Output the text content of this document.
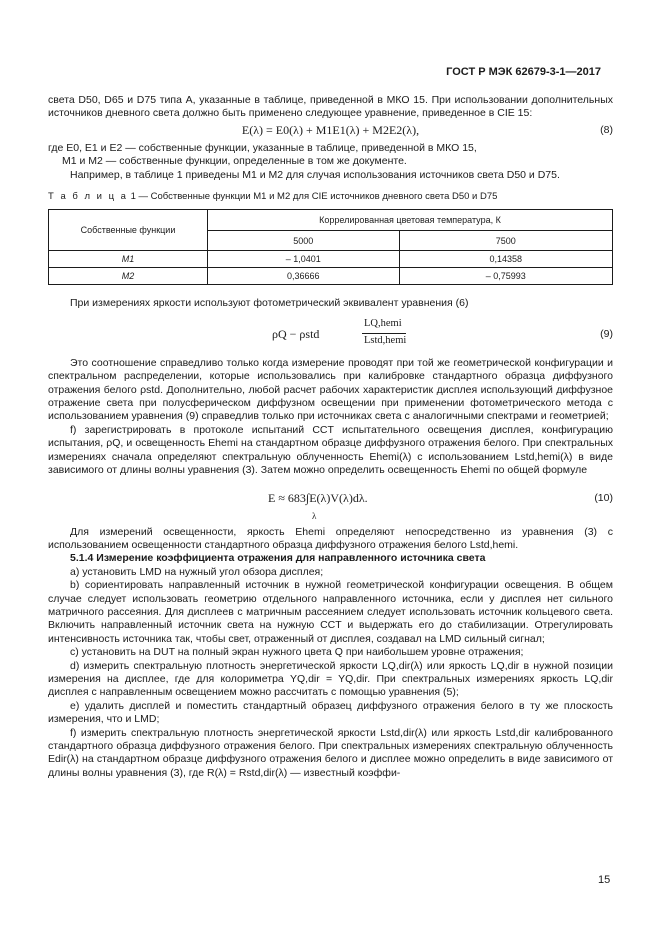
ГОСТ Р МЭК 62679-3-1—2017

света D50, D65 и D75 типа А, указанные в таблице, приведенной в МКО 15. При использовании дополнительных источников дневного света должно быть применено следующее уравнение, приведенное в CIE 15:

E(λ) = E0(λ) + M1E1(λ) + M2E2(λ),	(8)

где E0, E1 и E2 — собственные функции, указанные в таблице, приведенной в МКО 15,

M1 и M2 — собственные функции, определенные в том же документе.

Например, в таблице 1 приведены M1 и M2 для случая использования источников света D50 и D75.

Т а б л и ц а 1 — Собственные функции M1 и M2 для CIE источников дневного света D50 и D75
Собственные функции	Коррелированная цветовая температура, К	
	5000	7500
M1	– 1,0401	0,14358
M2	0,36666	– 0,75993

При измерениях яркости используют фотометрический эквивалент уравнения (6)

ρQ − ρstd
LQ,hemi
Lstd,hemi
(9)

Это соотношение справедливо только когда измерение проводят при той же геометрической конфигурации и спектральном распределении, которые использовались при калибровке стандартного образца диффузного отражения белого ρstd. Дополнительно, любой расчет рабочих характеристик дисплея использующий диффузное отражение света при полусферическом диффузном освещении при применении фотометрического метода с использованием уравнения (9) справедлив только при источниках света с аналогичными спектрами и геометрией;

f) зарегистрировать в протоколе испытаний CCT испытательного освещения дисплея, конфигурацию испытания, ρQ, и освещенность Ehemi на стандартном образце диффузного отражения белого. При спектральных измерениях сначала определяют спектральную облученность Ehemi(λ) с использованием Lstd,hemi(λ) в виде зависимого от длины волны уравнения (3). Затем можно определить освещенность Ehemi по общей формуле

E ≈ 683∫E(λ)V(λ)dλ.
λ
(10)

Для измерений освещенности, яркость Ehemi определяют непосредственно из уравнения (3) с использованием освещенности стандартного образца диффузного отражения белого Lstd,hemi.

5.1.4 Измерение коэффициента отражения для направленного источника света

a) установить LMD на нужный угол обзора дисплея;

b) сориентировать направленный источник в нужной геометрической конфигурации освещения. В общем случае следует использовать геометрию отдельного направленного источника, если у дисплея нет сильного матричного рассеяния. Для дисплеев с матричным рассеянием следует использовать источник кольцевого света. Включить направленный источник света на нужную CCT и выдержать его до стабилизации. Отрегулировать интенсивность источника так, чтобы свет, отраженный от дисплея, создавал на LMD сильный сигнал;

c) установить на DUT на полный экран нужного цвета Q при наибольшем уровне отражения;

d) измерить спектральную плотность энергетической яркости LQ,dir(λ) или яркость LQ,dir в нужной позиции измерения на дисплее, где для колориметра YQ,dir = YQ,dir. При спектральных измерениях яркость LQ,dir дисплея с направленным освещением можно рассчитать с помощью уравнения (5);

e) удалить дисплей и поместить стандартный образец диффузного отражения белого в ту же плоскость измерения, что и LMD;

f) измерить спектральную плотность энергетической яркости Lstd,dir(λ) или яркость Lstd,dir калиброванного стандартного образца диффузного отражения белого. При спектральных измерениях спектральную облученность Edir(λ) на стандартном образце диффузного отражения белого и дисплее можно определить в виде зависимого от длины волны уравнения (3), где R(λ) = Rstd,dir(λ) — известный коэффи-

15
